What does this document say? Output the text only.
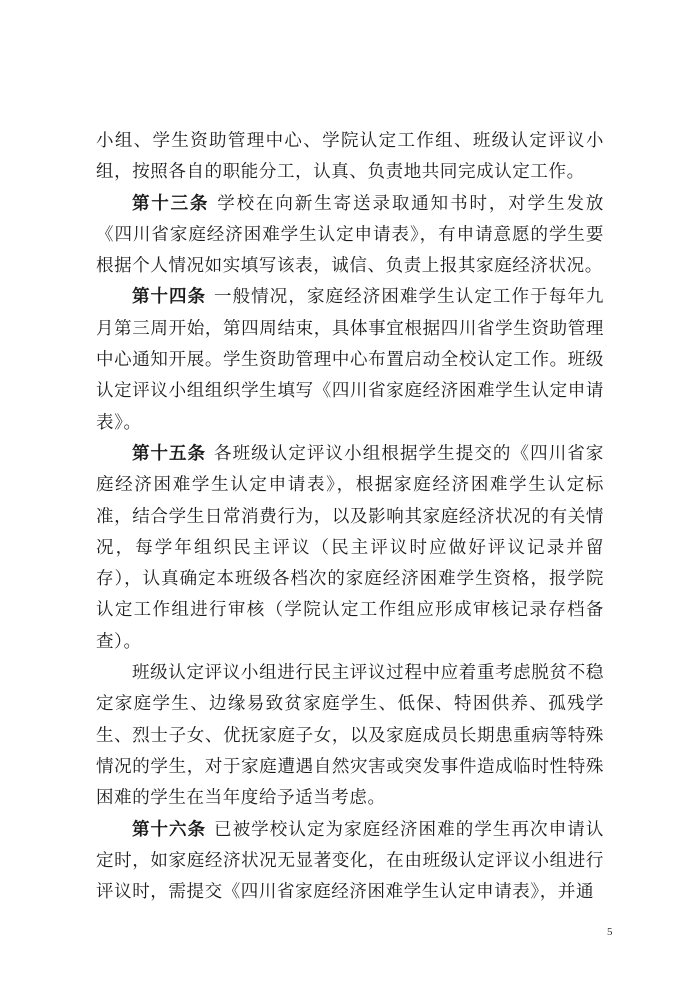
小组、学生资助管理中心、学院认定工作组、班级认定评议小组，按照各自的职能分工，认真、负责地共同完成认定工作。

第十三条 学校在向新生寄送录取通知书时，对学生发放《四川省家庭经济困难学生认定申请表》，有申请意愿的学生要根据个人情况如实填写该表，诚信、负责上报其家庭经济状况。

第十四条 一般情况，家庭经济困难学生认定工作于每年九月第三周开始，第四周结束，具体事宜根据四川省学生资助管理中心通知开展。学生资助管理中心布置启动全校认定工作。班级认定评议小组组织学生填写《四川省家庭经济困难学生认定申请表》。

第十五条 各班级认定评议小组根据学生提交的《四川省家庭经济困难学生认定申请表》，根据家庭经济困难学生认定标准，结合学生日常消费行为，以及影响其家庭经济状况的有关情况，每学年组织民主评议（民主评议时应做好评议记录并留存），认真确定本班级各档次的家庭经济困难学生资格，报学院认定工作组进行审核（学院认定工作组应形成审核记录存档备查）。

班级认定评议小组进行民主评议过程中应着重考虑脱贫不稳定家庭学生、边缘易致贫家庭学生、低保、特困供养、孤残学生、烈士子女、优抚家庭子女，以及家庭成员长期患重病等特殊情况的学生，对于家庭遭遇自然灾害或突发事件造成临时性特殊困难的学生在当年度给予适当考虑。

第十六条 已被学校认定为家庭经济困难的学生再次申请认定时，如家庭经济状况无显著变化，在由班级认定评议小组进行评议时，需提交《四川省家庭经济困难学生认定申请表》，并通

5
